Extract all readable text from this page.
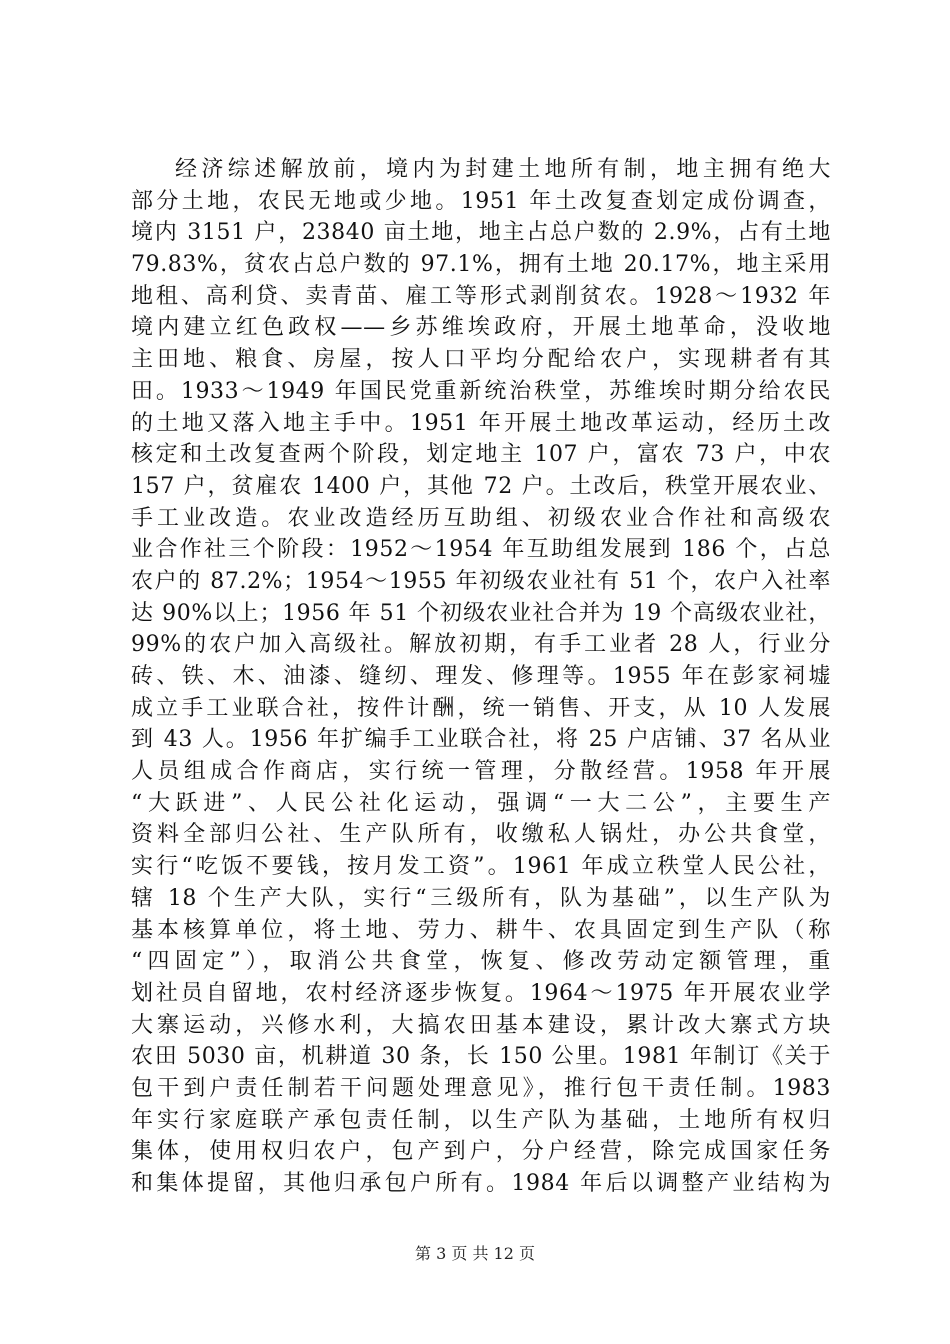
经济综述解放前，境内为封建土地所有制，地主拥有绝大
部分土地，农民无地或少地。1951 年土改复查划定成份调查，
境内 3151 户，23840 亩土地，地主占总户数的 2.9%，占有土地
79.83%，贫农占总户数的 97.1%，拥有土地 20.17%，地主采用
地租、高利贷、卖青苗、雇工等形式剥削贫农。1928～1932 年
境内建立红色政权——乡苏维埃政府，开展土地革命，没收地
主田地、粮食、房屋，按人口平均分配给农户，实现耕者有其
田。1933～1949 年国民党重新统治秩堂，苏维埃时期分给农民
的土地又落入地主手中。1951 年开展土地改革运动，经历土改
核定和土改复查两个阶段，划定地主 107 户，富农 73 户，中农
157 户，贫雇农 1400 户，其他 72 户。土改后，秩堂开展农业、
手工业改造。农业改造经历互助组、初级农业合作社和高级农
业合作社三个阶段：1952～1954 年互助组发展到 186 个，占总
农户的 87.2%；1954～1955 年初级农业社有 51 个，农户入社率
达 90%以上；1956 年 51 个初级农业社合并为 19 个高级农业社，
99%的农户加入高级社。解放初期，有手工业者 28 人，行业分
砖、铁、木、油漆、缝纫、理发、修理等。1955 年在彭家祠墟
成立手工业联合社，按件计酬，统一销售、开支，从 10 人发展
到 43 人。1956 年扩编手工业联合社，将 25 户店铺、37 名从业
人员组成合作商店，实行统一管理，分散经营。1958 年开展
“大跃进”、人民公社化运动，强调“一大二公”，主要生产
资料全部归公社、生产队所有，收缴私人锅灶，办公共食堂，
实行“吃饭不要钱，按月发工资”。1961 年成立秩堂人民公社，
辖 18 个生产大队，实行“三级所有，队为基础”，以生产队为
基本核算单位，将土地、劳力、耕牛、农具固定到生产队（称
“四固定”），取消公共食堂，恢复、修改劳动定额管理，重
划社员自留地，农村经济逐步恢复。1964～1975 年开展农业学
大寨运动，兴修水利，大搞农田基本建设，累计改大寨式方块
农田 5030 亩，机耕道 30 条，长 150 公里。1981 年制订《关于
包干到户责任制若干问题处理意见》，推行包干责任制。1983
年实行家庭联产承包责任制，以生产队为基础，土地所有权归
集体，使用权归农户，包产到户，分户经营，除完成国家任务
和集体提留，其他归承包户所有。1984 年后以调整产业结构为
第 3 页 共 12 页
